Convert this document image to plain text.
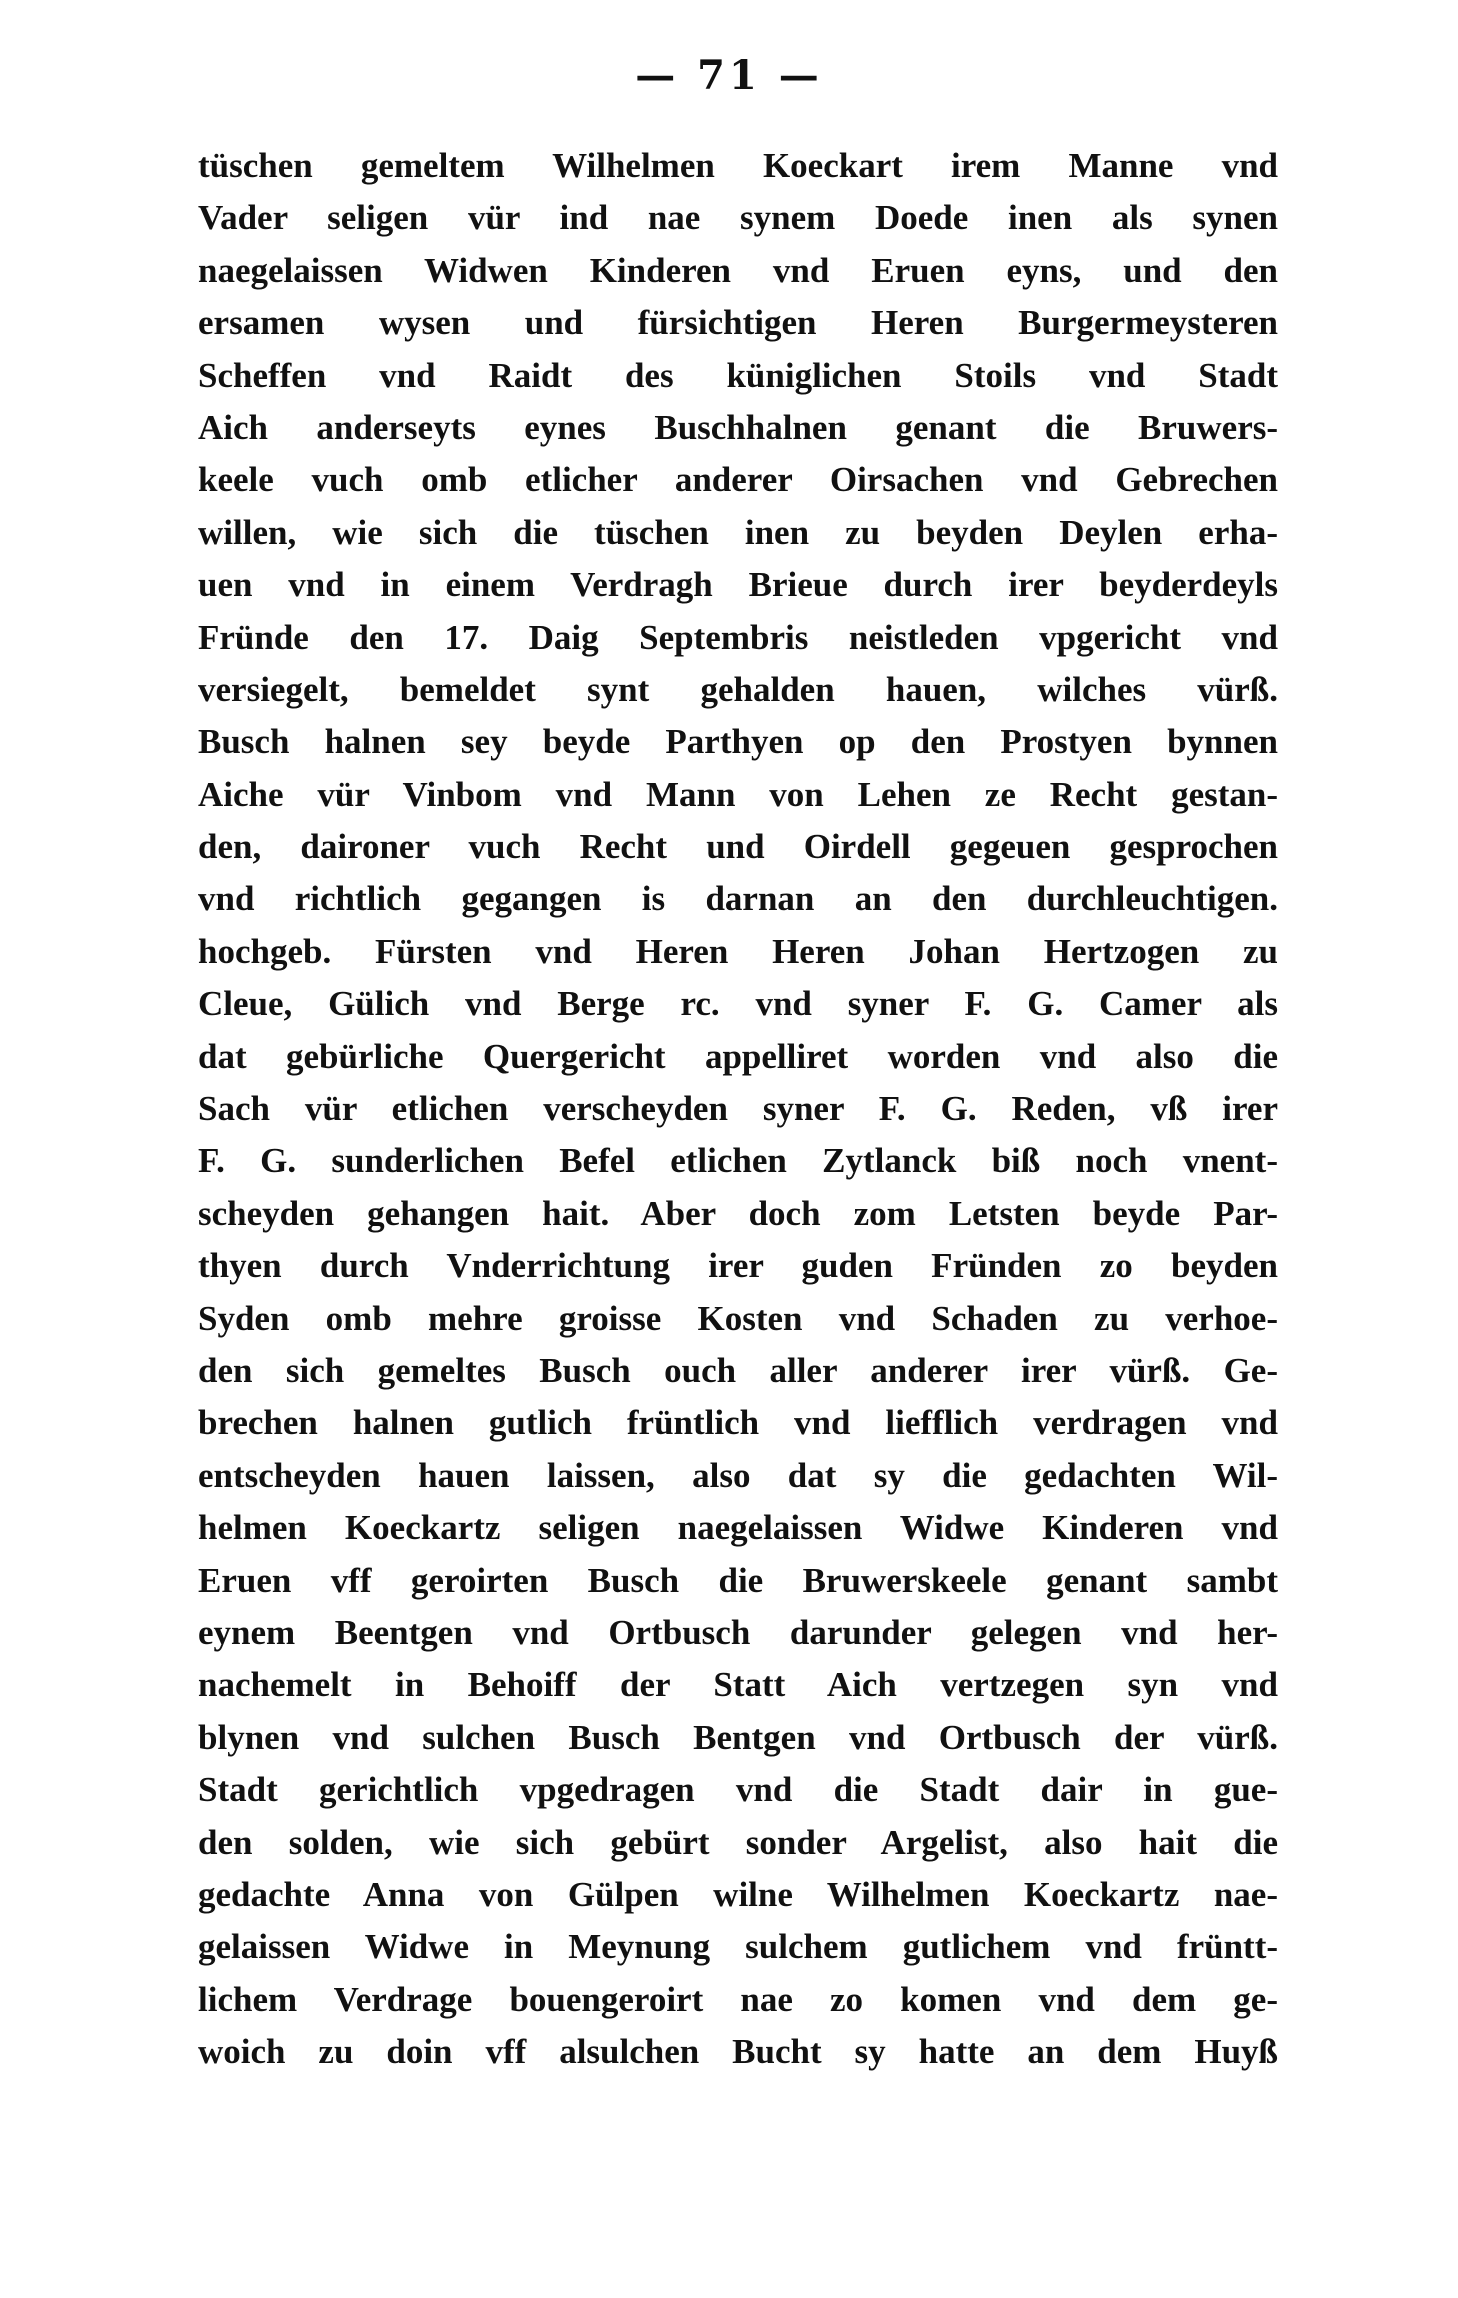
— 71 —
tüschen gemeltem Wilhelmen Koeckart irem Manne vnd
Vader seligen vür ind nae synem Doede inen als synen
naegelaissen Widwen Kinderen vnd Eruen eyns, und den
ersamen wysen und fürsichtigen Heren Burgermeysteren
Scheffen vnd Raidt des küniglichen Stoils vnd Stadt
Aich anderseyts eynes Buschhalnen genant die Bruwers-
keele vuch omb etlicher anderer Oirsachen vnd Gebrechen
willen, wie sich die tüschen inen zu beyden Deylen erha-
uen vnd in einem Verdragh Brieue durch irer beyderdeyls
Fründe den 17. Daig Septembris neistleden vpgericht vnd
versiegelt, bemeldet synt gehalden hauen, wilches vürß.
Busch halnen sey beyde Parthyen op den Prostyen bynnen
Aiche vür Vinbom vnd Mann von Lehen ze Recht gestan-
den, daironer vuch Recht und Oirdell gegeuen gesprochen
vnd richtlich gegangen is darnan an den durchleuchtigen.
hochgeb. Fürsten vnd Heren Heren Johan Hertzogen zu
Cleue, Gülich vnd Berge rc. vnd syner F. G. Camer als
dat gebürliche Quergericht appelliret worden vnd also die
Sach vür etlichen verscheyden syner F. G. Reden, vß irer
F. G. sunderlichen Befel etlichen Zytlanck biß noch vnent-
scheyden gehangen hait. Aber doch zom Letsten beyde Par-
thyen durch Vnderrichtung irer guden Fründen zo beyden
Syden omb mehre groisse Kosten vnd Schaden zu verhoe-
den sich gemeltes Busch ouch aller anderer irer vürß. Ge-
brechen halnen gutlich früntlich vnd liefflich verdragen vnd
entscheyden hauen laissen, also dat sy die gedachten Wil-
helmen Koeckartz seligen naegelaissen Widwe Kinderen vnd
Eruen vff geroirten Busch die Bruwerskeele genant sambt
eynem Beentgen vnd Ortbusch darunder gelegen vnd her-
nachemelt in Behoiff der Statt Aich vertzegen syn vnd
blynen vnd sulchen Busch Bentgen vnd Ortbusch der vürß.
Stadt gerichtlich vpgedragen vnd die Stadt dair in gue-
den solden, wie sich gebürt sonder Argelist, also hait die
gedachte Anna von Gülpen wilne Wilhelmen Koeckartz nae-
gelaissen Widwe in Meynung sulchem gutlichem vnd früntt-
lichem Verdrage bouengeroirt nae zo komen vnd dem ge-
woich zu doin vff alsulchen Bucht sy hatte an dem Huyß
